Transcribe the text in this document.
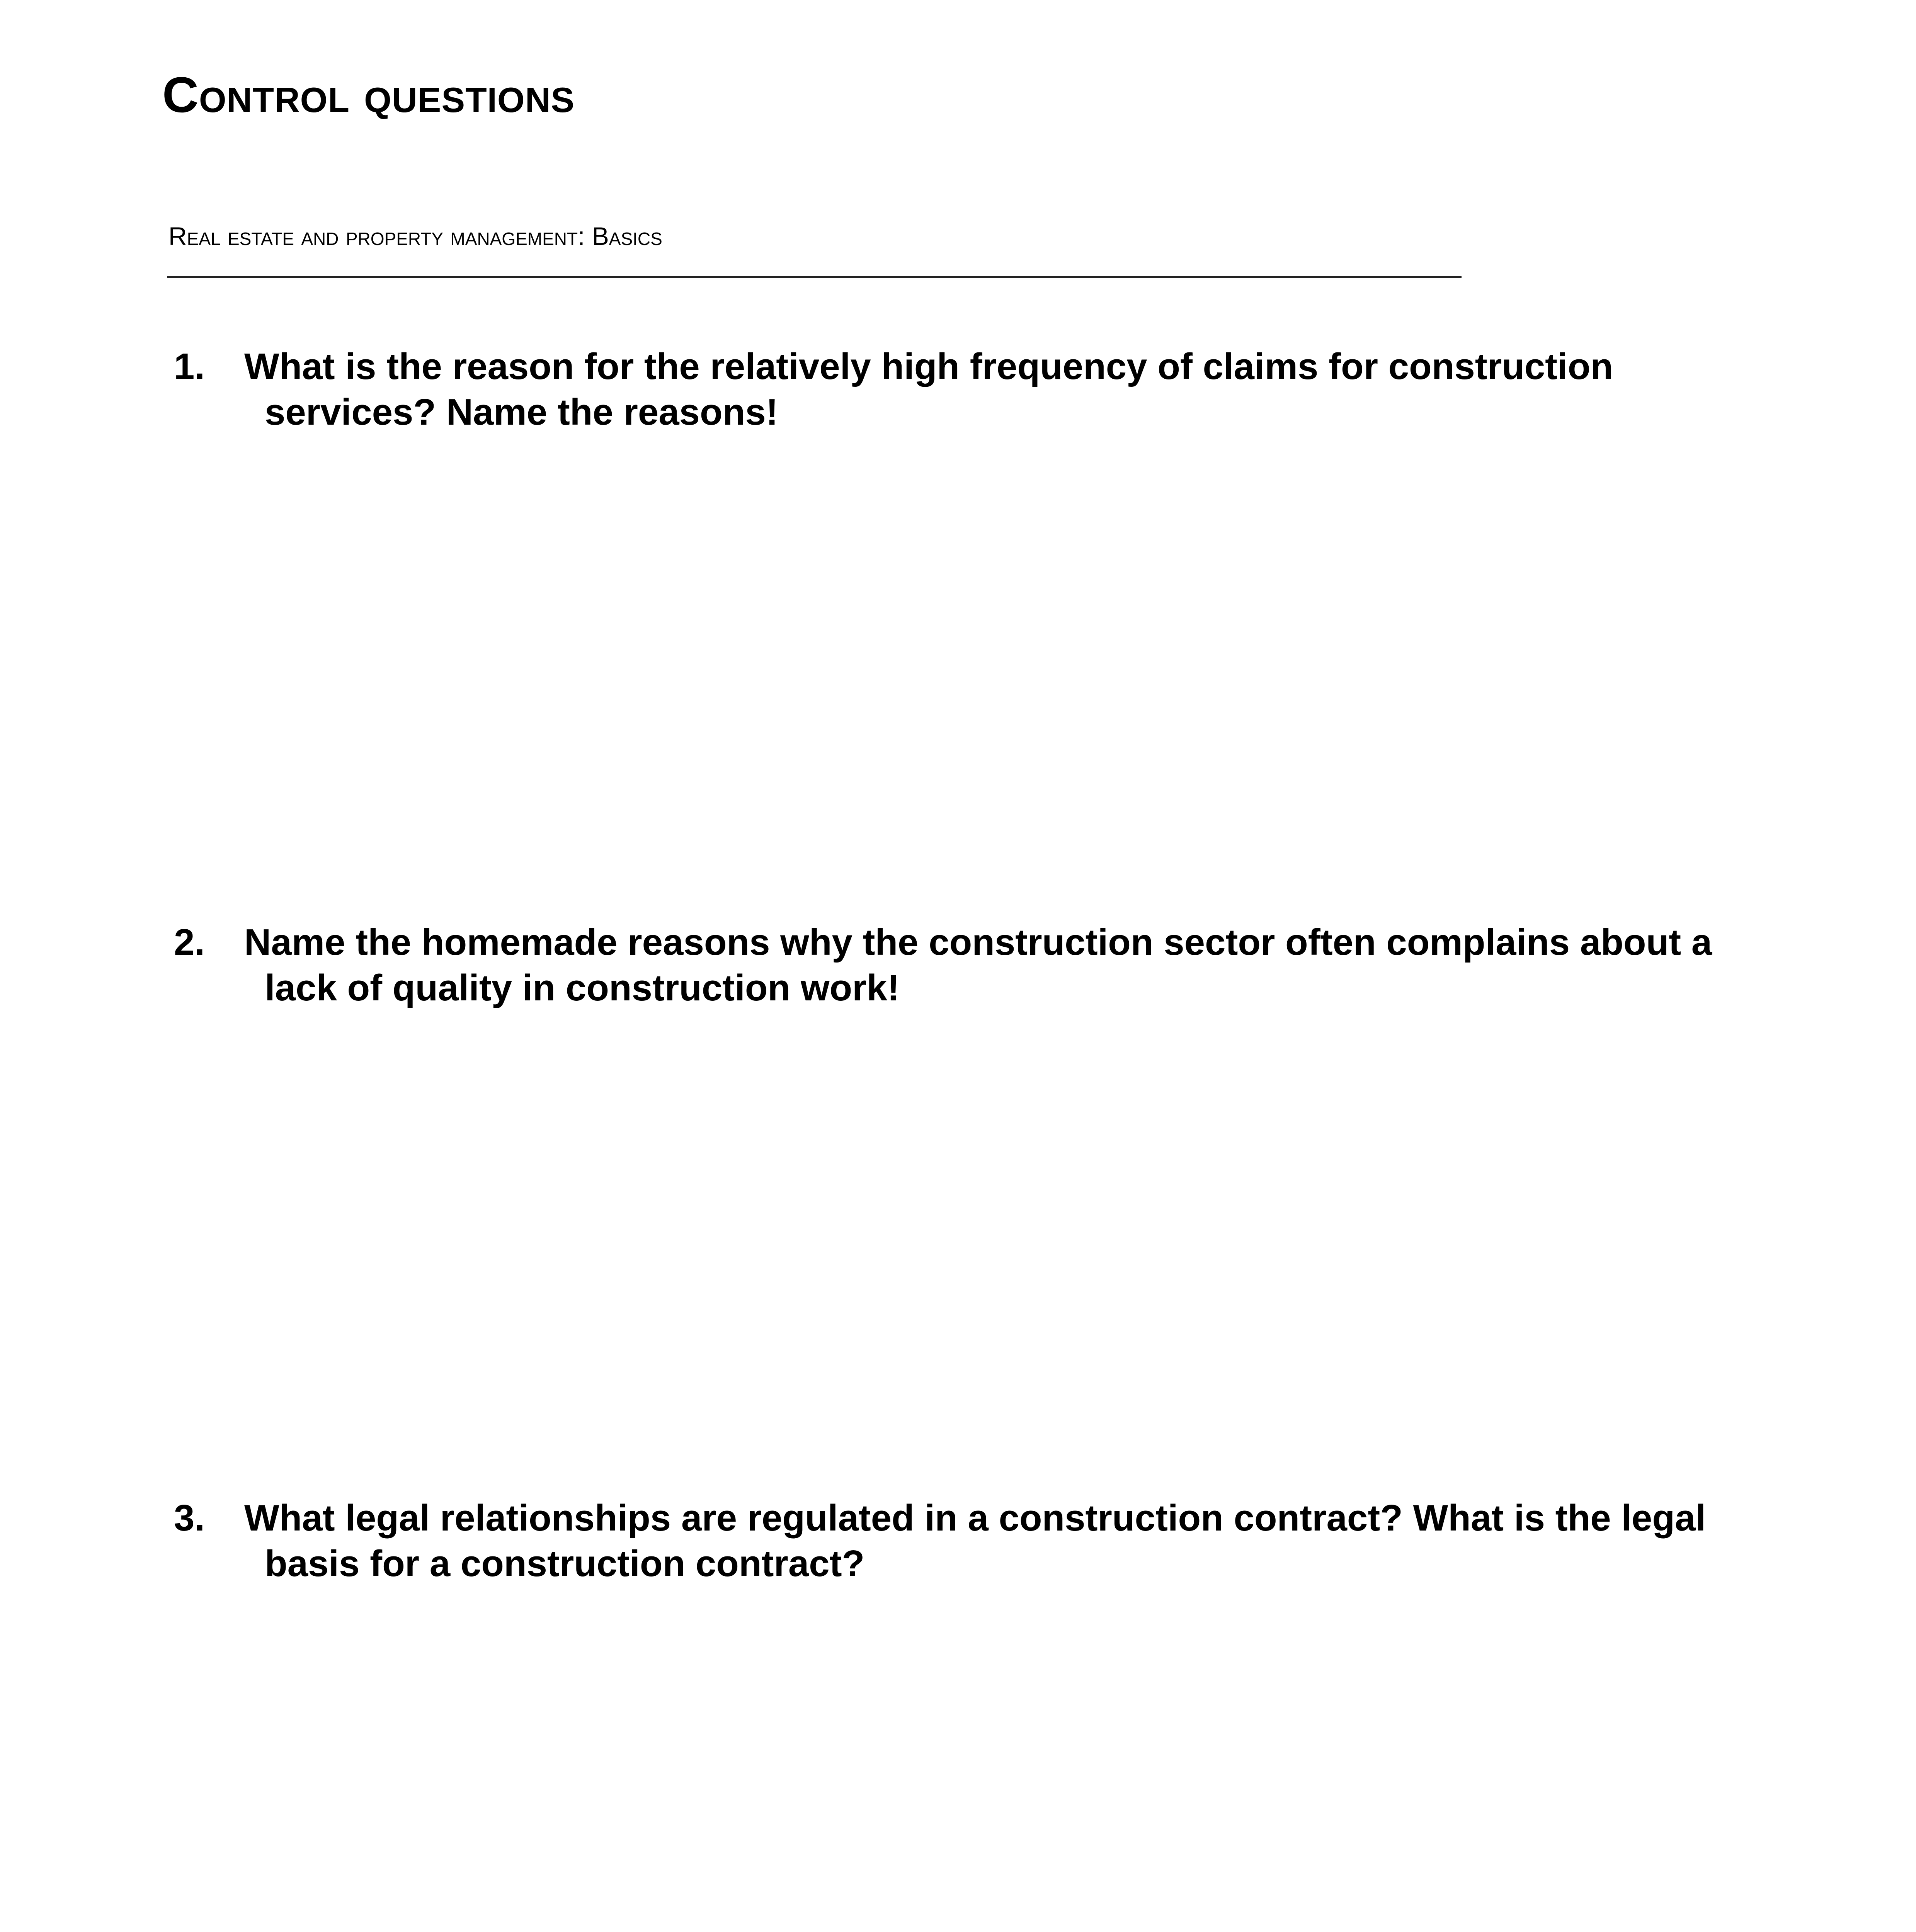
Control questions
Real estate and property management: Basics
1. What is the reason for the relatively high frequency of claims for construction
services? Name the reasons!
2. Name the homemade reasons why the construction sector often complains about a
lack of quality in construction work!
3. What legal relationships are regulated in a construction contract? What is the legal
basis for a construction contract?
